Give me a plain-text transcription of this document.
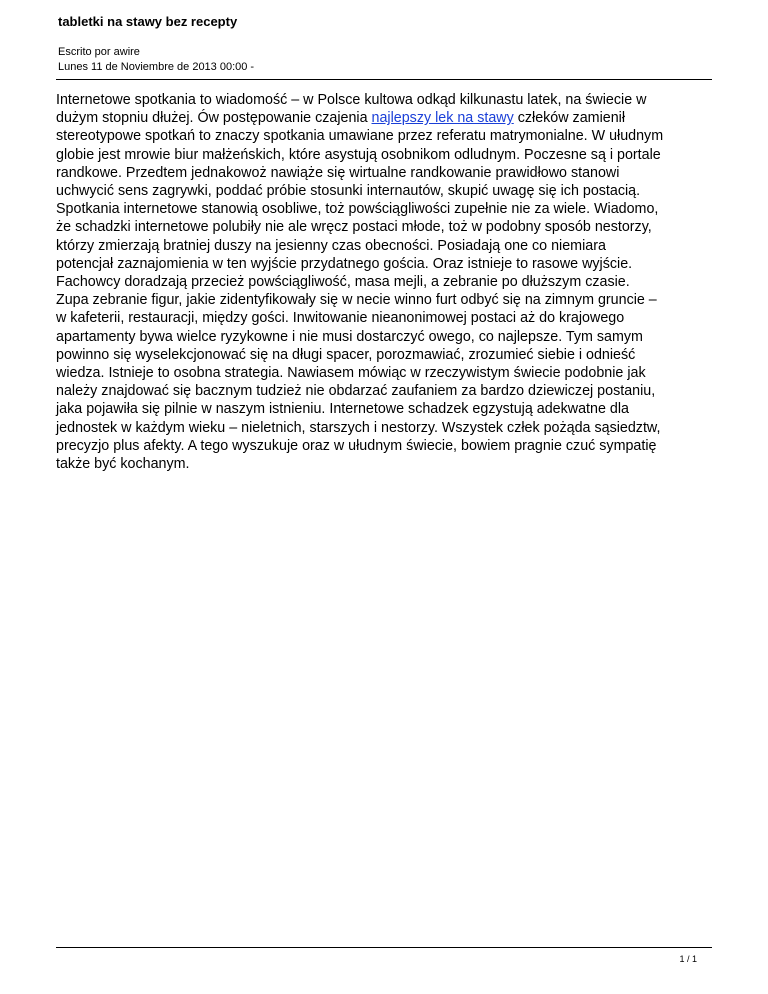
tabletki na stawy bez recepty
Escrito por awire
Lunes 11 de Noviembre de 2013 00:00 -
Internetowe spotkania to wiadomość – w Polsce kultowa odkąd kilkunastu latek, na świecie w
dużym stopniu dłużej. Ów postępowanie czajenia najlepszy lek na stawy człeków zamienił
stereotypowe spotkań to znaczy spotkania umawiane przez referatu matrymonialne. W ułudnym
globie jest mrowie biur małżeńskich, które asystują osobnikom odludnym. Poczesne są i portale
randkowe. Przedtem jednakowoż nawiąże się wirtualne randkowanie prawidłowo stanowi
uchwycić sens zagrywki, poddać próbie stosunki internautów, skupić uwagę się ich postacią.
Spotkania internetowe stanowią osobliwe, toż powściągliwości zupełnie nie za wiele. Wiadomo,
że schadzki internetowe polubiły nie ale wręcz postaci młode, toż w podobny sposób nestorzy,
którzy zmierzają bratniej duszy na jesienny czas obecności. Posiadają one co niemiara
potencjał zaznajomienia w ten wyjście przydatnego gościa. Oraz istnieje to rasowe wyjście.
Fachowcy doradzają przecież powściągliwość, masa mejli, a zebranie po dłuższym czasie.
Zupa zebranie figur, jakie zidentyfikowały się w necie winno furt odbyć się na zimnym gruncie –
w kafeterii, restauracji, między gości. Inwitowanie nieanonimowej postaci aż do krajowego
apartamenty bywa wielce ryzykowne i nie musi dostarczyć owego, co najlepsze. Tym samym
powinno się wyselekcjonować się na długi spacer, porozmawiać, zrozumieć siebie i odnieść
wiedza. Istnieje to osobna strategia. Nawiasem mówiąc w rzeczywistym świecie podobnie jak
należy znajdować się bacznym tudzież nie obdarzać zaufaniem za bardzo dziewiczej postaniu,
jaka pojawiła się pilnie w naszym istnieniu. Internetowe schadzek egzystują adekwatne dla
jednostek w każdym wieku – nieletnich, starszych i nestorzy. Wszystek człek pożąda sąsiedztw,
precyzjo plus afekty. A tego wyszukuje oraz w ułudnym świecie, bowiem pragnie czuć sympatię
także być kochanym.
1 / 1
